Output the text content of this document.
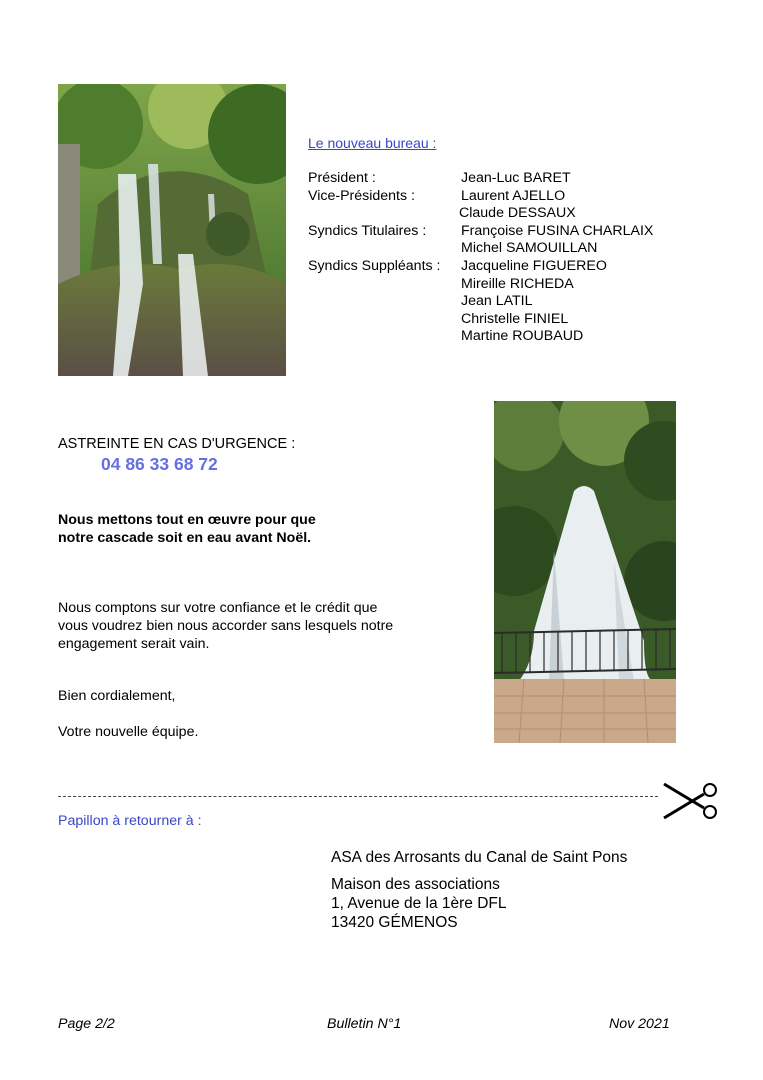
Le nouveau bureau :
Président :	Jean-Luc BARET
Vice-Présidents :	Laurent AJELLO
Claude DESSAUX
Syndics Titulaires : Françoise FUSINA CHARLAIX
Michel SAMOUILLAN
Syndics Suppléants : Jacqueline FIGUEREO
Mireille RICHEDA
Jean LATIL
Christelle FINIEL
Martine ROUBAUD
ASTREINTE EN CAS D'URGENCE :
04 86 33 68 72
Nous mettons tout en œuvre pour que
notre cascade soit en eau avant Noël.
Nous comptons sur votre confiance et le crédit que
vous voudrez bien nous accorder sans lesquels notre
engagement serait vain.
Bien cordialement,
Votre nouvelle équipe.
Papillon à retourner à :
ASA des Arrosants du Canal de Saint Pons
Maison des associations
1, Avenue de la 1ère DFL
13420 GÉMENOS
Page 2/2	Bulletin N°1	Nov 2021
